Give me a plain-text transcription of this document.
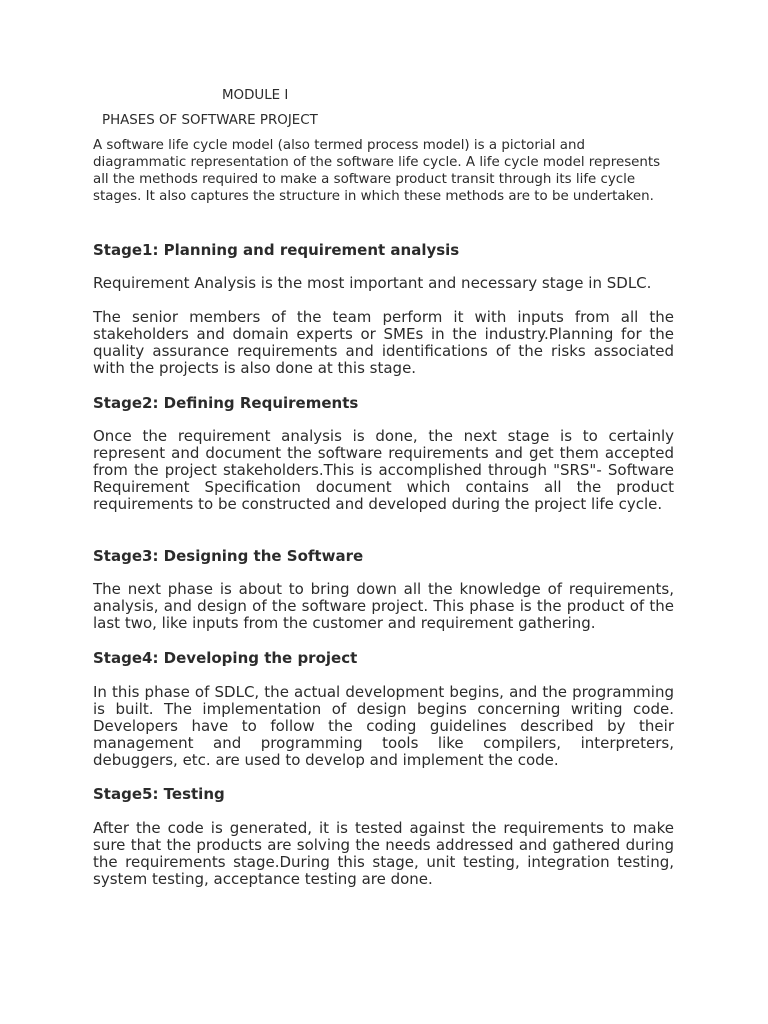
MODULE I
PHASES OF SOFTWARE PROJECT

A software life cycle model (also termed process model) is a pictorial and diagrammatic representation of the software life cycle. A life cycle model represents all the methods required to make a software product transit through its life cycle stages. It also captures the structure in which these methods are to be undertaken.

Stage1: Planning and requirement analysis

Requirement Analysis is the most important and necessary stage in SDLC.

The senior members of the team perform it with inputs from all the stakeholders and domain experts or SMEs in the industry.Planning for the quality assurance requirements and identifications of the risks associated with the projects is also done at this stage.

Stage2: Defining Requirements

Once the requirement analysis is done, the next stage is to certainly represent and document the software requirements and get them accepted from the project stakeholders.This is accomplished through "SRS"- Software Requirement Specification document which contains all the product requirements to be constructed and developed during the project life cycle.

Stage3: Designing the Software

The next phase is about to bring down all the knowledge of requirements, analysis, and design of the software project. This phase is the product of the last two, like inputs from the customer and requirement gathering.

Stage4: Developing the project

In this phase of SDLC, the actual development begins, and the programming is built. The implementation of design begins concerning writing code. Developers have to follow the coding guidelines described by their management and programming tools like compilers, interpreters, debuggers, etc. are used to develop and implement the code.

Stage5: Testing

After the code is generated, it is tested against the requirements to make sure that the products are solving the needs addressed and gathered during the requirements stage.During this stage, unit testing, integration testing, system testing, acceptance testing are done.
